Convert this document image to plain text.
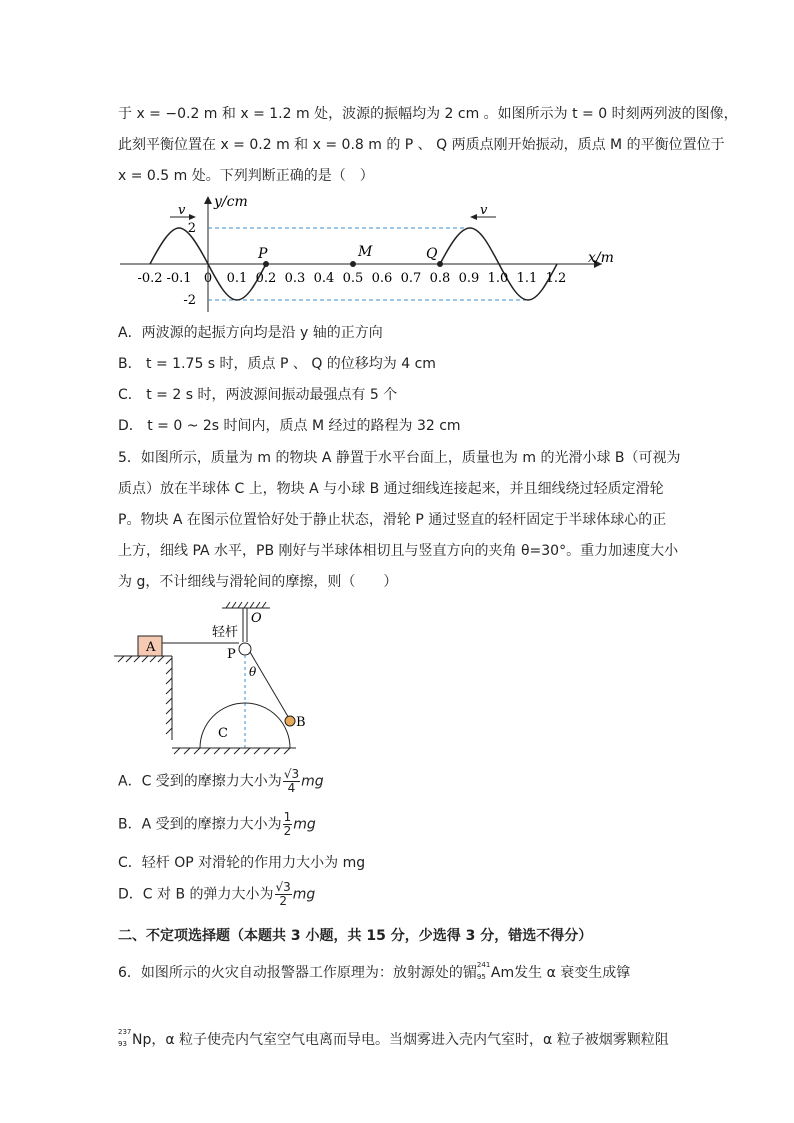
于 x = −0.2 m 和 x = 1.2 m 处，波源的振幅均为 2 cm 。如图所示为 t = 0 时刻两列波的图像，
此刻平衡位置在 x = 0.2 m 和 x = 0.8 m 的 P 、 Q 两质点刚开始振动，质点 M 的平衡位置位于
x = 0.5 m 处。下列判断正确的是（　）
y/cm
x/m
2
-2
v	v
P	M	Q
-0.2 -0.1 0 0.1 0.2 0.3 0.4 0.5 0.6 0.7 0.8 0.9 1.0 1.1 1.2
A．两波源的起振方向均是沿 y 轴的正方向
B． t = 1.75 s 时，质点 P 、 Q 的位移均为 4 cm
C． t = 2 s 时，两波源间振动最强点有 5 个
D． t = 0 ~ 2s 时间内，质点 M 经过的路程为 32 cm
5．如图所示，质量为 m 的物块 A 静置于水平台面上，质量也为 m 的光滑小球 B（可视为
质点）放在半球体 C 上，物块 A 与小球 B 通过细线连接起来，并且细线绕过轻质定滑轮
P。物块 A 在图示位置恰好处于静止状态，滑轮 P 通过竖直的轻杆固定于半球体球心的正
上方，细线 PA 水平，PB 刚好与半球体相切且与竖直方向的夹角 θ=30°。重力加速度大小
为 g，不计细线与滑轮间的摩擦，则（　　）
O
轻杆
P
A
θ
C
B
A．C 受到的摩擦力大小为 $\frac{√3}{4}$ mg
B．A 受到的摩擦力大小为 $\frac{1}{2}$ mg
C．轻杆 OP 对滑轮的作用力大小为 mg
D．C 对 B 的弹力大小为 $\frac{√3}{2}$ mg
二、不定项选择题（本题共 3 小题，共 15 分，少选得 3 分，错选不得分）
6．如图所示的火灾自动报警器工作原理为：放射源处的镅 241
95 Am发生 α 衰变生成镎
237
93 Np，α 粒子使壳内气室空气电离而导电。当烟雾进入壳内气室时，α 粒子被烟雾颗粒阻
